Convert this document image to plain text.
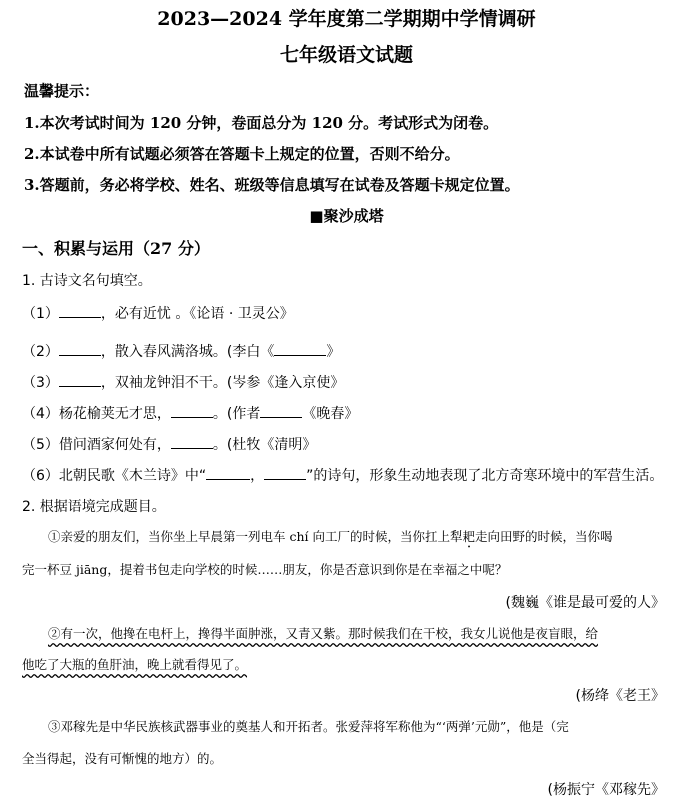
2023—2024 学年度第二学期期中学情调研
七年级语文试题
温馨提示：
1.本次考试时间为 120 分钟，卷面总分为 120 分。考试形式为闭卷。
2.本试卷中所有试题必须答在答题卡上规定的位置，否则不给分。
3.答题前，务必将学校、姓名、班级等信息填写在试卷及答题卡规定位置。
■聚沙成塔
一、积累与运用（27 分）
1. 古诗文名句填空。
（1）	，必有近忧 。《论语 · 卫灵公》
（2）	，散入春风满洛城。(李白《	》
（3）	，双袖龙钟泪不干。(岑参《逢入京使》
（4）杨花榆荚无才思，	。(作者	《晚春》
（5）借问酒家何处有，	。(杜牧《清明》
（6）北朝民歌《木兰诗》中“	，	”的诗句，形象生动地表现了北方奇寒环境中的军营生活。
2. 根据语境完成题目。
①亲爱的朋友们，当你坐上早晨第一列电车 chí 向工厂的时候，当你扛上犁耙走向田野的时候，当你喝
完一杯豆 jiāng，提着书包走向学校的时候……朋友，你是否意识到你是在幸福之中呢？
(魏巍《谁是最可爱的人》
②有一次，他搀在电杆上，搀得半面肿涨，又青又紫。那时候我们在干校，我女儿说他是夜盲眼，给
他吃了大瓶的鱼肝油，晚上就看得见了。
(杨绛《老王》
③邓稼先是中华民族核武器事业的奠基人和开拓者。张爱萍将军称他为“‘两弹’元勋”，他是（完
全当得起，没有可惭愧的地方）的。
(杨振宁《邓稼先》
